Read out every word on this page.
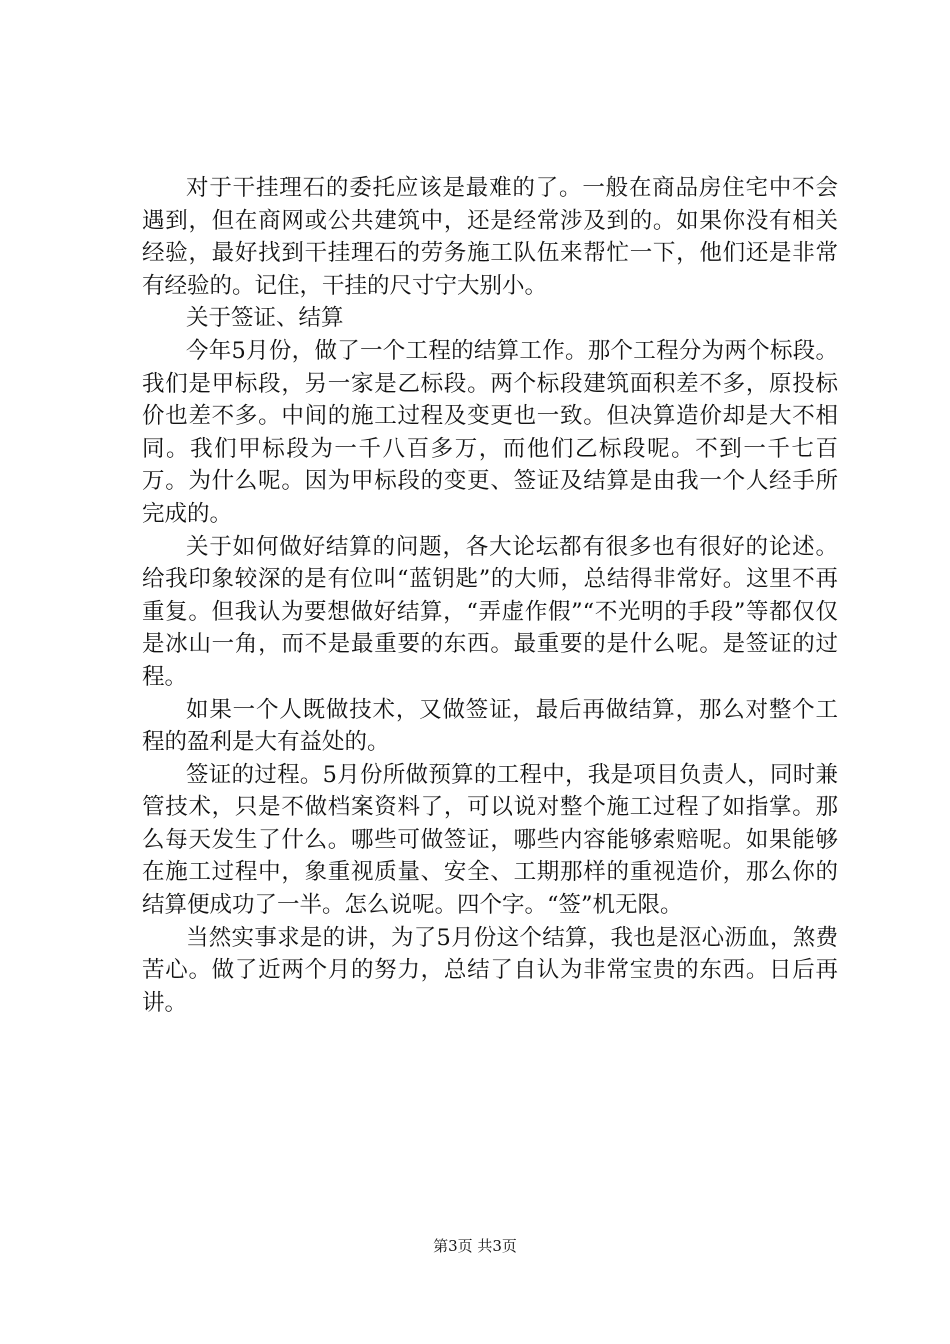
对于干挂理石的委托应该是最难的了。一般在商品房住宅中不会遇到，但在商网或公共建筑中，还是经常涉及到的。如果你没有相关经验，最好找到干挂理石的劳务施工队伍来帮忙一下，他们还是非常有经验的。记住，干挂的尺寸宁大别小。

关于签证、结算

今年5月份，做了一个工程的结算工作。那个工程分为两个标段。我们是甲标段，另一家是乙标段。两个标段建筑面积差不多，原投标价也差不多。中间的施工过程及变更也一致。但决算造价却是大不相同。我们甲标段为一千八百多万，而他们乙标段呢。不到一千七百万。为什么呢。因为甲标段的变更、签证及结算是由我一个人经手所完成的。

关于如何做好结算的问题，各大论坛都有很多也有很好的论述。给我印象较深的是有位叫“蓝钥匙”的大师，总结得非常好。这里不再重复。但我认为要想做好结算，“弄虚作假”“不光明的手段”等都仅仅是冰山一角，而不是最重要的东西。最重要的是什么呢。是签证的过程。

如果一个人既做技术，又做签证，最后再做结算，那么对整个工程的盈利是大有益处的。

签证的过程。5月份所做预算的工程中，我是项目负责人，同时兼管技术，只是不做档案资料了，可以说对整个施工过程了如指掌。那么每天发生了什么。哪些可做签证，哪些内容能够索赔呢。如果能够在施工过程中，象重视质量、安全、工期那样的重视造价，那么你的结算便成功了一半。怎么说呢。四个字。“签”机无限。

当然实事求是的讲，为了5月份这个结算，我也是沤心沥血，煞费苦心。做了近两个月的努力，总结了自认为非常宝贵的东西。日后再讲。

第3页 共3页
